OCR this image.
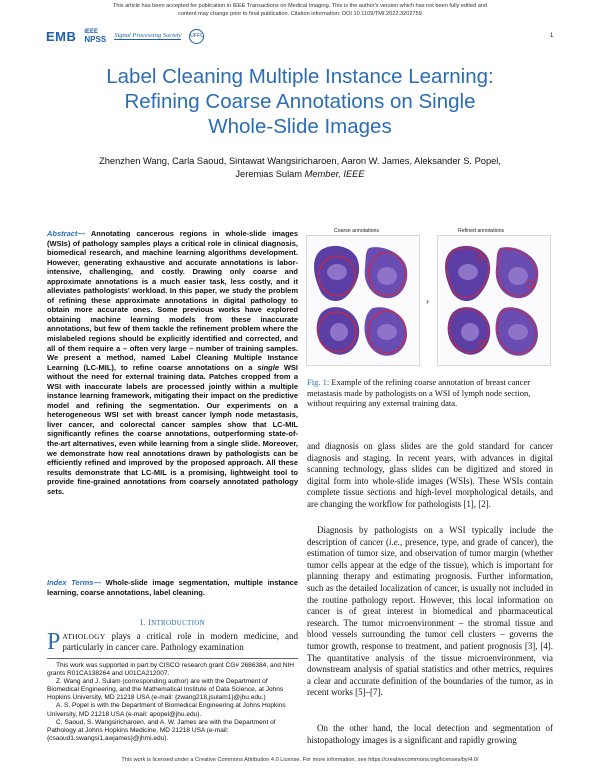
This article has been accepted for publication in IEEE Transactions on Medical Imaging. This is the author's version which has not been fully edited and
content may change prior to final publication. Citation information: DOI 10.1109/TMI.2022.3202759
EMB IEEE
NPSS Signal Processing Society UFFC	1
Label Cleaning Multiple Instance Learning:
Refining Coarse Annotations on Single
Whole-Slide Images
Zhenzhen Wang, Carla Saoud, Sintawat Wangsiricharoen, Aaron W. James, Aleksander S. Popel,
Jeremias Sulam Member, IEEE

Abstract— Annotating cancerous regions in whole-slide images (WSIs) of pathology samples plays a critical role in clinical diagnosis, biomedical research, and machine learning algorithms development. However, generating exhaustive and accurate annotations is labor-intensive, challenging, and costly. Drawing only coarse and approximate annotations is a much easier task, less costly, and it alleviates pathologists' workload. In this paper, we study the problem of refining these approximate annotations in digital pathology to obtain more accurate ones. Some previous works have explored obtaining machine learning models from these inaccurate annotations, but few of them tackle the refinement problem where the mislabeled regions should be explicitly identified and corrected, and all of them require a – often very large – number of training samples. We present a method, named Label Cleaning Multiple Instance Learning (LC-MIL), to refine coarse annotations on a single WSI without the need for external training data. Patches cropped from a WSI with inaccurate labels are processed jointly within a multiple instance learning framework, mitigating their impact on the predictive model and refining the segmentation. Our experiments on a heterogeneous WSI set with breast cancer lymph node metastasis, liver cancer, and colorectal cancer samples show that LC-MIL significantly refines the coarse annotations, outperforming state-of-the-art alternatives, even while learning from a single slide. Moreover, we demonstrate how real annotations drawn by pathologists can be efficiently refined and improved by the proposed approach. All these results demonstrate that LC-MIL is a promising, lightweight tool to provide fine-grained annotations from coarsely annotated pathology sets.

Index Terms— Whole-slide image segmentation, multiple instance learning, coarse annotations, label cleaning.

I. INTRODUCTION

PATHOLOGY plays a critical role in modern medicine, and particularly in cancer care. Pathology examination

This work was supported in part by CISCO research grant CG# 2686384, and NIH grants R01CA138264 and U01CA212007.

Z. Wang and J. Sulam (corresponding author) are with the Department of Biomedical Engineering, and the Mathematical Institute of Data Science, at Johns Hopkins University, MD 21218 USA (e-mail: {zwang218,jsulam1}@jhu.edu.)

A. S. Popel is with the Department of Biomedical Engineering at Johns Hopkins University, MD 21218 USA (e-mail: apopel@jhu.edu).

C. Saoud, S. Wangsiricharoen, and A. W. James are with the Department of Pathology at Johns Hopkins Medicine, MD 21218 USA (e-mail: {csaoud1,swangsi1,awjames}@jhmi.edu).

Coarse annotations	Refined annotations
›

Fig. 1: Example of the refining coarse annotation of breast cancer metastasis made by pathologists on a WSI of lymph node section, without requiring any external training data.

and diagnosis on glass slides are the gold standard for cancer diagnosis and staging. In recent years, with advances in digital scanning technology, glass slides can be digitized and stored in digital form into whole-slide images (WSIs). These WSIs contain complete tissue sections and high-level morphological details, and are changing the workflow for pathologists [1], [2].

Diagnosis by pathologists on a WSI typically include the description of cancer (i.e., presence, type, and grade of cancer), the estimation of tumor size, and observation of tumor margin (whether tumor cells appear at the edge of the tissue), which is important for planning therapy and estimating prognosis. Further information, such as the detailed localization of cancer, is usually not included in the routine pathology report. However, this local information on cancer is of great interest in biomedical and pharmaceutical research. The tumor microenvironment – the stromal tissue and blood vessels surrounding the tumor cell clusters – governs the tumor growth, response to treatment, and patient prognosis [3], [4]. The quantitative analysis of the tissue microenvironment, via downstream analysis of spatial statistics and other metrics, requires a clear and accurate definition of the boundaries of the tumor, as in recent works [5]–[7].

On the other hand, the local detection and segmentation of histopathology images is a significant and rapidly growing

This work is licensed under a Creative Commons Attribution 4.0 License. For more information, see https://creativecommons.org/licenses/by/4.0/
